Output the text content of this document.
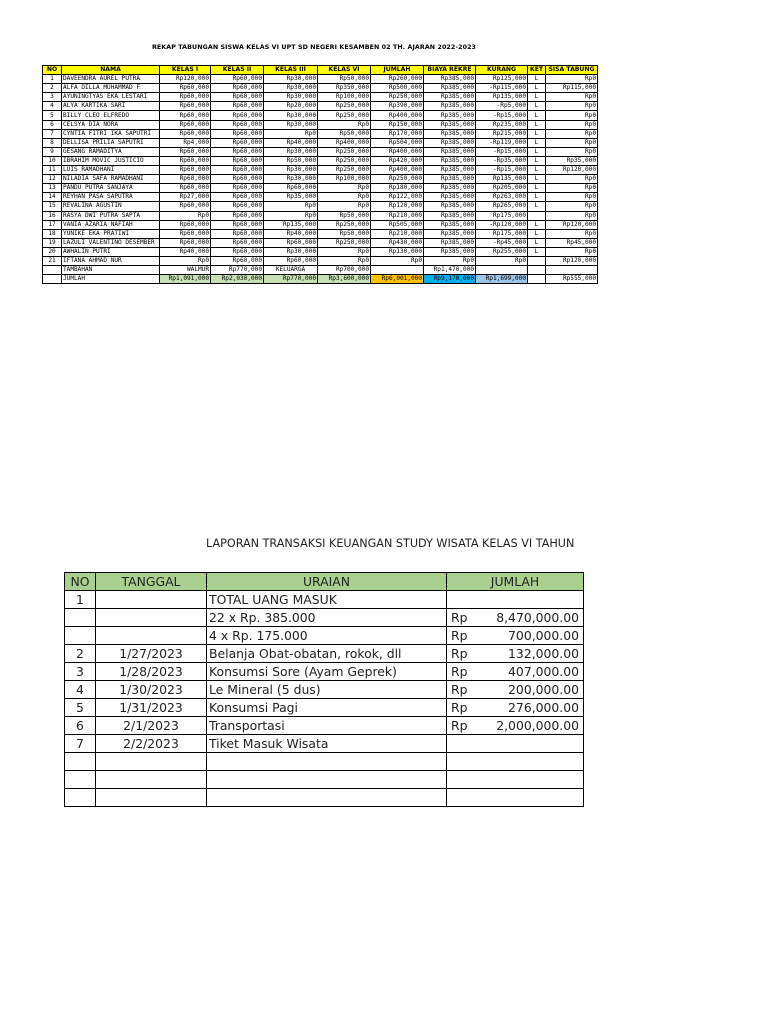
REKAP TABUNGAN SISWA KELAS VI UPT SD NEGERI KESAMBEN 02 TH. AJARAN 2022-2023
NO	NAMA	KELAS I	KELAS II	KELAS III	KELAS VI	JUMLAH	BIAYA REKRE	KURANG	KET	SISA TABUNG
1	DAVEENDRA AUREL PUTRA	Rp120,000	Rp60,000	Rp30,000	Rp50,000	Rp260,000	Rp385,000	Rp125,000	L	Rp0
2	ALFA DILLA MUHAMMAD F	Rp60,000	Rp60,000	Rp30,000	Rp350,000	Rp500,000	Rp385,000	-Rp115,000	L	Rp115,000
3	AYUNINGTYAS EKA LESTARI	Rp60,000	Rp60,000	Rp30,000	Rp100,000	Rp250,000	Rp385,000	Rp135,000	L	Rp0
4	ALYA KARTIKA SARI	Rp60,000	Rp60,000	Rp20,000	Rp250,000	Rp390,000	Rp385,000	-Rp5,000	L	Rp0
5	BILLY CLEO ELFREDO	Rp60,000	Rp60,000	Rp30,000	Rp250,000	Rp400,000	Rp385,000	-Rp15,000	L	Rp0
6	CELSYA DIA NORA	Rp60,000	Rp60,000	Rp30,000	Rp0	Rp150,000	Rp385,000	Rp235,000	L	Rp0
7	CYNTIA FITRI IKA SAPUTRI	Rp60,000	Rp60,000	Rp0	Rp50,000	Rp170,000	Rp385,000	Rp215,000	L	Rp0
8	DELLISA PRILIA SAPUTRI	Rp4,000	Rp60,000	Rp40,000	Rp400,000	Rp504,000	Rp385,000	-Rp119,000	L	Rp0
9	GESANG RAMADITYA	Rp60,000	Rp60,000	Rp30,000	Rp250,000	Rp400,000	Rp385,000	-Rp15,000	L	Rp0
10	IBRAHIM MOVIC JUSTICIO	Rp60,000	Rp60,000	Rp50,000	Rp250,000	Rp420,000	Rp385,000	-Rp35,000	L	Rp35,000
11	LUIS RAMADHANI	Rp60,000	Rp60,000	Rp30,000	Rp250,000	Rp400,000	Rp385,000	-Rp15,000	L	Rp120,000
12	NILADIA SAFA RAMADHANI	Rp60,000	Rp60,000	Rp30,000	Rp100,000	Rp250,000	Rp385,000	Rp135,000	L	Rp0
13	PANDU PUTRA SANJAYA	Rp60,000	Rp60,000	Rp60,000	Rp0	Rp180,000	Rp385,000	Rp205,000	L	Rp0
14	REYHAN PASA SAPUTRA	Rp27,000	Rp60,000	Rp35,000	Rp0	Rp122,000	Rp385,000	Rp263,000	L	Rp0
15	REVALINA AGUSTIN	Rp60,000	Rp60,000	Rp0	Rp0	Rp120,000	Rp385,000	Rp265,000	L	Rp0
16	RASYA DWI PUTRA SAPTA	Rp0	Rp60,000	Rp0	Rp50,000	Rp210,000	Rp385,000	Rp175,000		Rp0
17	VANIA AZARIA NAFIAH	Rp60,000	Rp60,000	Rp135,000	Rp250,000	Rp505,000	Rp385,000	-Rp120,000	L	Rp120,000
18	YUNIKE EKA PRATIWI	Rp60,000	Rp60,000	Rp40,000	Rp50,000	Rp210,000	Rp385,000	Rp175,000	L	Rp0
19	LAZULI VALENTINO DESEMBER	Rp60,000	Rp60,000	Rp60,000	Rp250,000	Rp430,000	Rp385,000	-Rp45,000	L	Rp45,000
20	AWHALIN PUTRI	Rp40,000	Rp60,000	Rp30,000	Rp0	Rp130,000	Rp385,000	Rp255,000	L	Rp0
21	IFTANA AHMAD NUR	Rp0	Rp60,000	Rp60,000	Rp0	Rp0	Rp0	Rp0		Rp120,000
	TAMBAHAN	WALMUR	Rp770,000	KELUARGA	Rp700,000		Rp1,470,000			
	JUMLAH	Rp1,091,000	Rp2,030,000	Rp770,000	Rp3,600,000	Rp6,001,000	Rp9,170,000	Rp1,699,000		Rp555,000
LAPORAN TRANSAKSI KEUANGAN STUDY WISATA KELAS VI TAHUN
NO	TANGGAL	URAIAN	JUMLAH
1		TOTAL UANG MASUK	

		22 x Rp. 385.000	Rp 8,470,000.00

		4 x Rp. 175.000	Rp 700,000.00

2	1/27/2023	Belanja Obat-obatan, rokok, dll	Rp 132,000.00

3	1/28/2023	Konsumsi Sore (Ayam Geprek)	Rp 407,000.00

4	1/30/2023	Le Mineral (5 dus)	Rp 200,000.00

5	1/31/2023	Konsumsi Pagi	Rp 276,000.00

6	2/1/2023	Transportasi	Rp 2,000,000.00

7	2/2/2023	Tiket Masuk Wisata	
